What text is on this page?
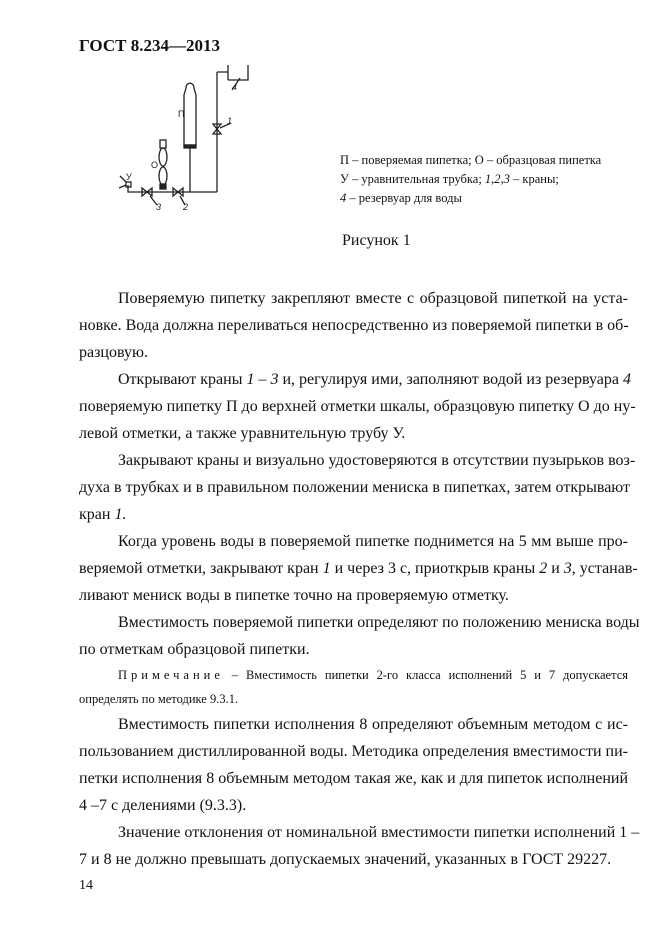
ГОСТ 8.234—2013
П
О
У
1
2
3
4
П – поверяемая пипетка; О – образцовая пипетка
У – уравнительная трубка; 1,2,3 – краны;
4 – резервуар для воды
Рисунок 1
Поверяемую пипетку закрепляют вместе с образцовой пипеткой на уста-
новке. Вода должна переливаться непосредственно из поверяемой пипетки в об-
разцовую.
Открывают краны 1 – 3 и, регулируя ими, заполняют водой из резервуара 4
поверяемую пипетку П до верхней отметки шкалы, образцовую пипетку О до ну-
левой отметки, а также уравнительную трубу У.
Закрывают краны и визуально удостоверяются в отсутствии пузырьков воз-
духа в трубках и в правильном положении мениска в пипетках, затем открывают
кран 1.
Когда уровень воды в поверяемой пипетке поднимется на 5 мм выше про-
веряемой отметки, закрывают кран 1 и через 3 с, приоткрыв краны 2 и 3, устанав-
ливают мениск воды в пипетке точно на проверяемую отметку.
Вместимость поверяемой пипетки определяют по положению мениска воды
по отметкам образцовой пипетки.
Примечание – Вместимость пипетки 2-го класса исполнений 5 и 7 допускается
определять по методике 9.3.1.
Вместимость пипетки исполнения 8 определяют объемным методом с ис-
пользованием дистиллированной воды. Методика определения вместимости пи-
петки исполнения 8 объемным методом такая же, как и для пипеток исполнений
4 –7 с делениями (9.3.3).
Значение отклонения от номинальной вместимости пипетки исполнений 1 –
7 и 8 не должно превышать допускаемых значений, указанных в ГОСТ 29227.
14
